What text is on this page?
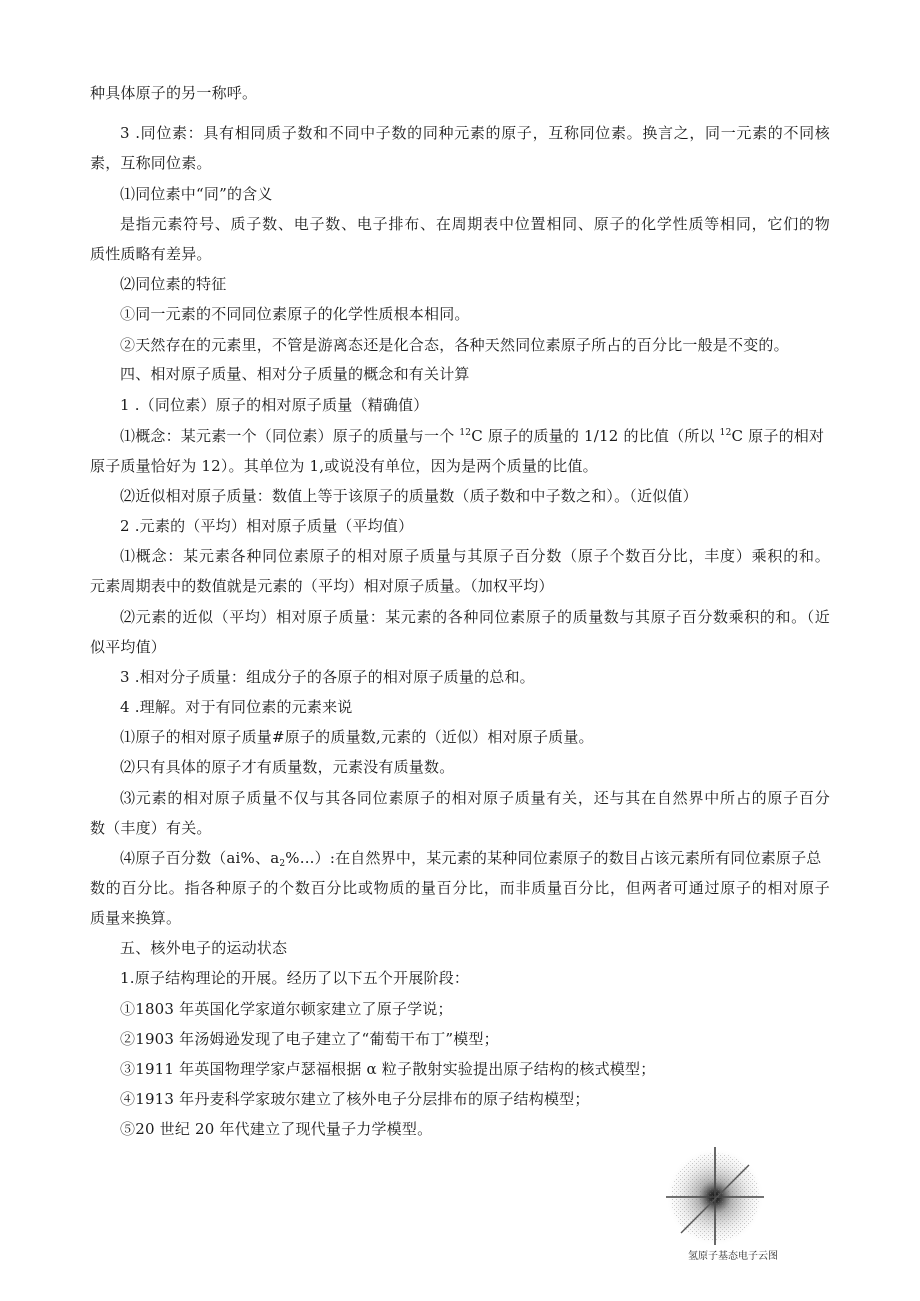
种具体原子的另一称呼。
3 .同位素：具有相同质子数和不同中子数的同种元素的原子，互称同位素。换言之，同一元素的不同核
素，互称同位素。
⑴同位素中“同”的含义
是指元素符号、质子数、电子数、电子排布、在周期表中位置相同、原子的化学性质等相同，它们的物
质性质略有差异。
⑵同位素的特征
①同一元素的不同同位素原子的化学性质根本相同。
②天然存在的元素里，不管是游离态还是化合态，各种天然同位素原子所占的百分比一般是不变的。
四、相对原子质量、相对分子质量的概念和有关计算
1 .（同位素）原子的相对原子质量（精确值）
⑴概念：某元素一个（同位素）原子的质量与一个 $^{12}$C 原子的质量的 1/12 的比值（所以 $^{12}$C 原子的相对
原子质量恰好为 12）。其单位为 1,或说没有单位，因为是两个质量的比值。
⑵近似相对原子质量：数值上等于该原子的质量数（质子数和中子数之和）。（近似值）
2 .元素的（平均）相对原子质量（平均值）
⑴概念：某元素各种同位素原子的相对原子质量与其原子百分数（原子个数百分比，丰度）乘积的和。
元素周期表中的数值就是元素的（平均）相对原子质量。（加权平均）
⑵元素的近似（平均）相对原子质量：某元素的各种同位素原子的质量数与其原子百分数乘积的和。（近
似平均值）
3 .相对分子质量：组成分子的各原子的相对原子质量的总和。
4 .理解。对于有同位素的元素来说
⑴原子的相对原子质量#原子的质量数,元素的（近似）相对原子质量。
⑵只有具体的原子才有质量数，元素没有质量数。
⑶元素的相对原子质量不仅与其各同位素原子的相对原子质量有关，还与其在自然界中所占的原子百分
数（丰度）有关。
⑷原子百分数（ai%、$a_2\%$...）:在自然界中，某元素的某种同位素原子的数目占该元素所有同位素原子总
数的百分比。指各种原子的个数百分比或物质的量百分比，而非质量百分比，但两者可通过原子的相对原子
质量来换算。
五、核外电子的运动状态
1.原子结构理论的开展。经历了以下五个开展阶段：
①1803 年英国化学家道尔顿家建立了原子学说；
②1903 年汤姆逊发现了电子建立了“葡萄干布丁”模型；
③1911 年英国物理学家卢瑟福根据 α 粒子散射实验提出原子结构的核式模型；
④1913 年丹麦科学家玻尔建立了核外电子分层排布的原子结构模型；
⑤20 世纪 20 年代建立了现代量子力学模型。
氢原子基态电子云图
